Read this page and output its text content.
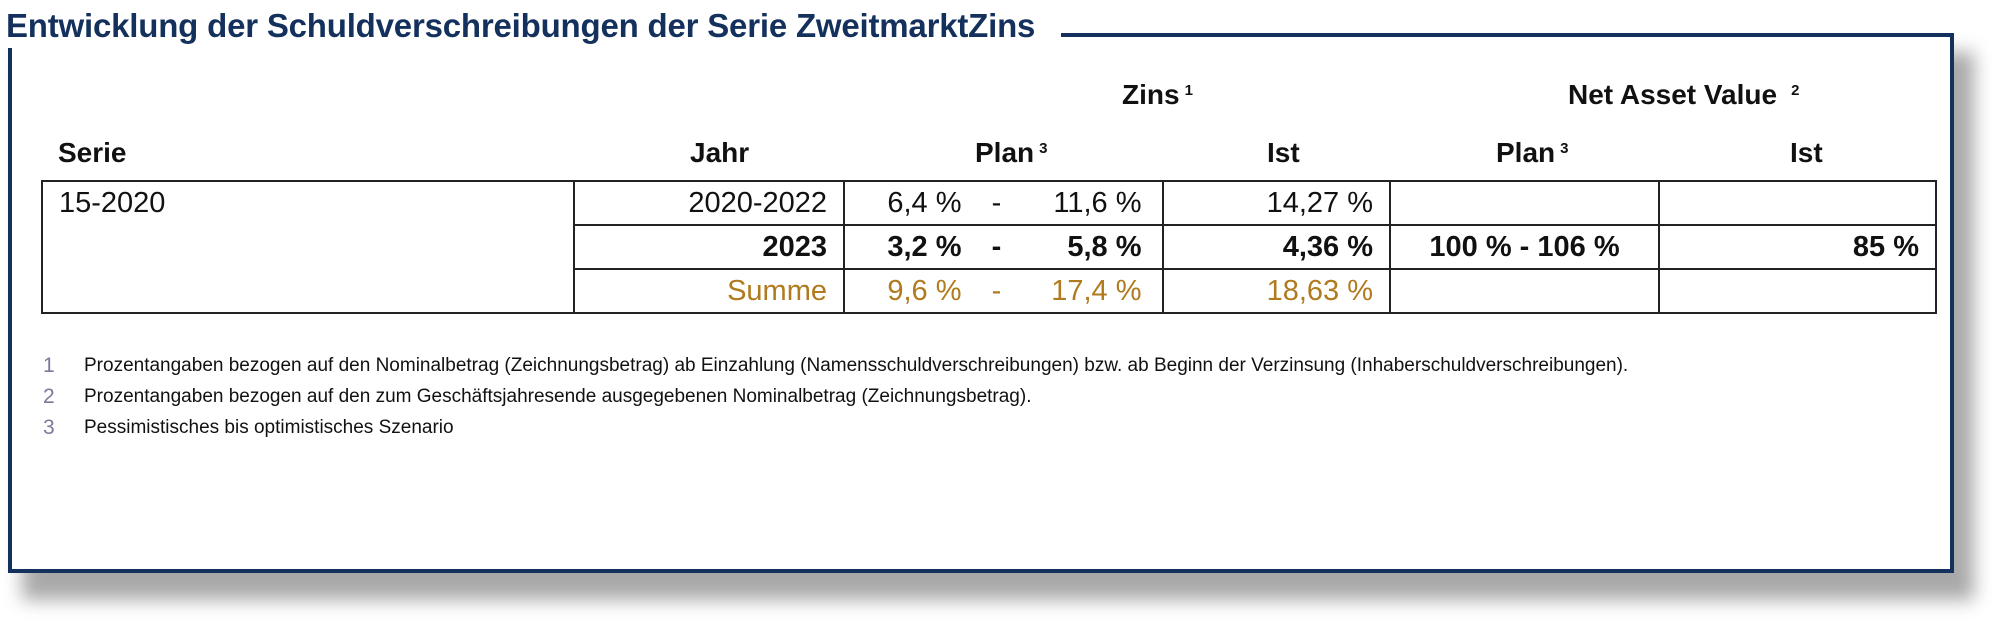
Entwicklung der Schuldverschreibungen der Serie ZweitmarktZins
Zins $^1$	Net Asset Value $^2$
Serie	Jahr	Plan $^3$	Ist	Plan $^3$	Ist
15-2020	2020-2022	6,4 % - 11,6 %	14,27 %		
	2023	3,2 % - 5,8 %	4,36 %	100 % - 106 %	85 %
	Summe	9,6 % - 17,4 %	18,63 %		
1	Prozentangaben bezogen auf den Nominalbetrag (Zeichnungsbetrag) ab Einzahlung (Namensschuldverschreibungen) bzw. ab Beginn der Verzinsung (Inhaberschuldverschreibungen).
2	Prozentangaben bezogen auf den zum Geschäftsjahresende ausgegebenen Nominalbetrag (Zeichnungsbetrag).
3	Pessimistisches bis optimistisches Szenario
